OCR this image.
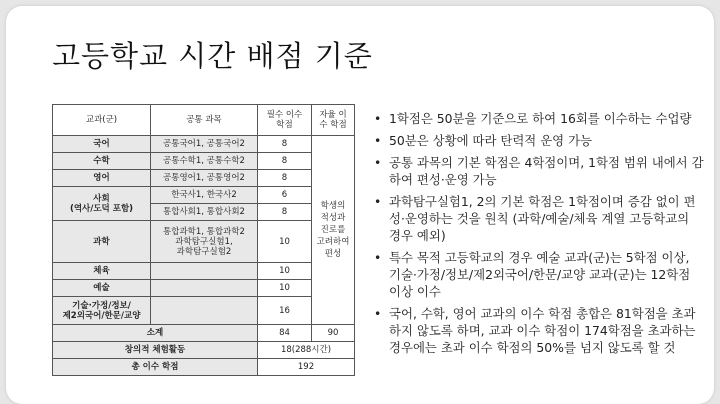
고등학교 시간 배점 기준
교과(군)	공통 과목	필수 이수 학점	자율 이수 학점
국어	공통국어1, 공통국어2	8	학생의
적성과
진로를
고려하여
편성
수학	공통수학1, 공통수학2	8	
영어	공통영어1, 공통영어2	8	
사회
(역사/도덕 포함)	한국사1, 한국사2	6	
	통합사회1, 통합사회2	8	
과학	통합과학1, 통합과학2
과학탐구실험1,
과학탐구실험2	10	
체육		10	
예술		10	
기술·가정/정보/
제2외국어/한문/교양		16	
소계		84	90
창의적 체험활동		18(288시간)	
총 이수 학점		192	
• 1학점은 50분을 기준으로 하여 16회를 이수하는 수업량
• 50분은 상황에 따라 탄력적 운영 가능
• 공통 과목의 기본 학점은 4학점이며, 1학점 범위 내에서 감하여 편성·운영 가능
• 과학탐구실험1, 2의 기본 학점은 1학점이며 증감 없이 편성·운영하는 것을 원칙 (과학/예술/체육 계열 고등학교의 경우 예외)
• 특수 목적 고등학교의 경우 예술 교과(군)는 5학점 이상, 기술·가정/정보/제2외국어/한문/교양 교과(군)는 12학점 이상 이수
• 국어, 수학, 영어 교과의 이수 학점 총합은 81학점을 초과하지 않도록 하며, 교과 이수 학점이 174학점을 초과하는 경우에는 초과 이수 학점의 50%를 넘지 않도록 할 것
